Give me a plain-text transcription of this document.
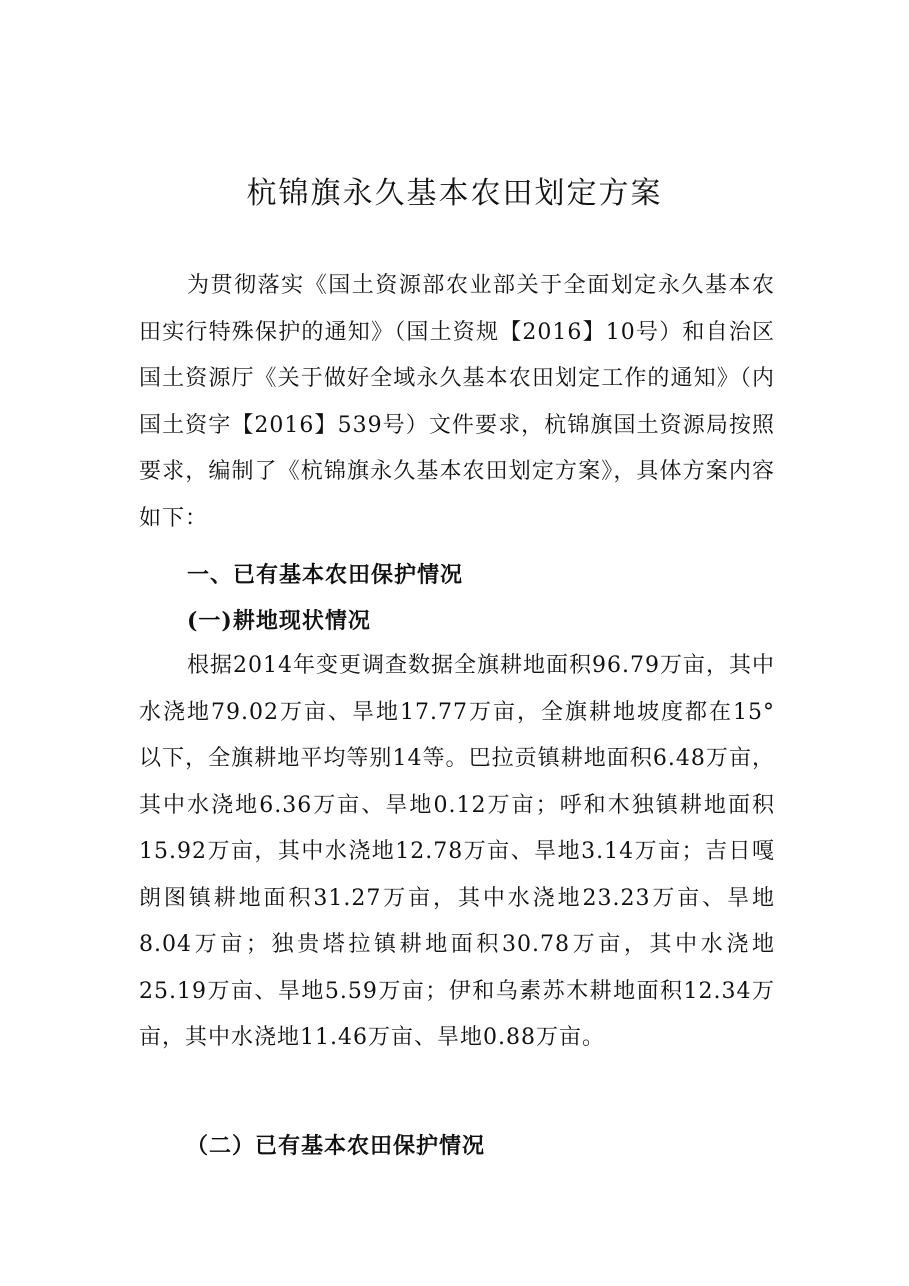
杭锦旗永久基本农田划定方案

为贯彻落实《国土资源部农业部关于全面划定永久基本农田实行特殊保护的通知》（国土资规【2016】10号）和自治区国土资源厅《关于做好全域永久基本农田划定工作的通知》（内国土资字【2016】539号）文件要求，杭锦旗国土资源局按照要求，编制了《杭锦旗永久基本农田划定方案》，具体方案内容如下：

一、已有基本农田保护情况
(一)耕地现状情况

根据2014年变更调查数据全旗耕地面积96.79万亩，其中水浇地79.02万亩、旱地17.77万亩，全旗耕地坡度都在15°以下，全旗耕地平均等别14等。巴拉贡镇耕地面积6.48万亩，其中水浇地6.36万亩、旱地0.12万亩；呼和木独镇耕地面积15.92万亩，其中水浇地12.78万亩、旱地3.14万亩；吉日嘎朗图镇耕地面积31.27万亩，其中水浇地23.23万亩、旱地8.04万亩；独贵塔拉镇耕地面积30.78万亩，其中水浇地25.19万亩、旱地5.59万亩；伊和乌素苏木耕地面积12.34万亩，其中水浇地11.46万亩、旱地0.88万亩。

（二）已有基本农田保护情况
